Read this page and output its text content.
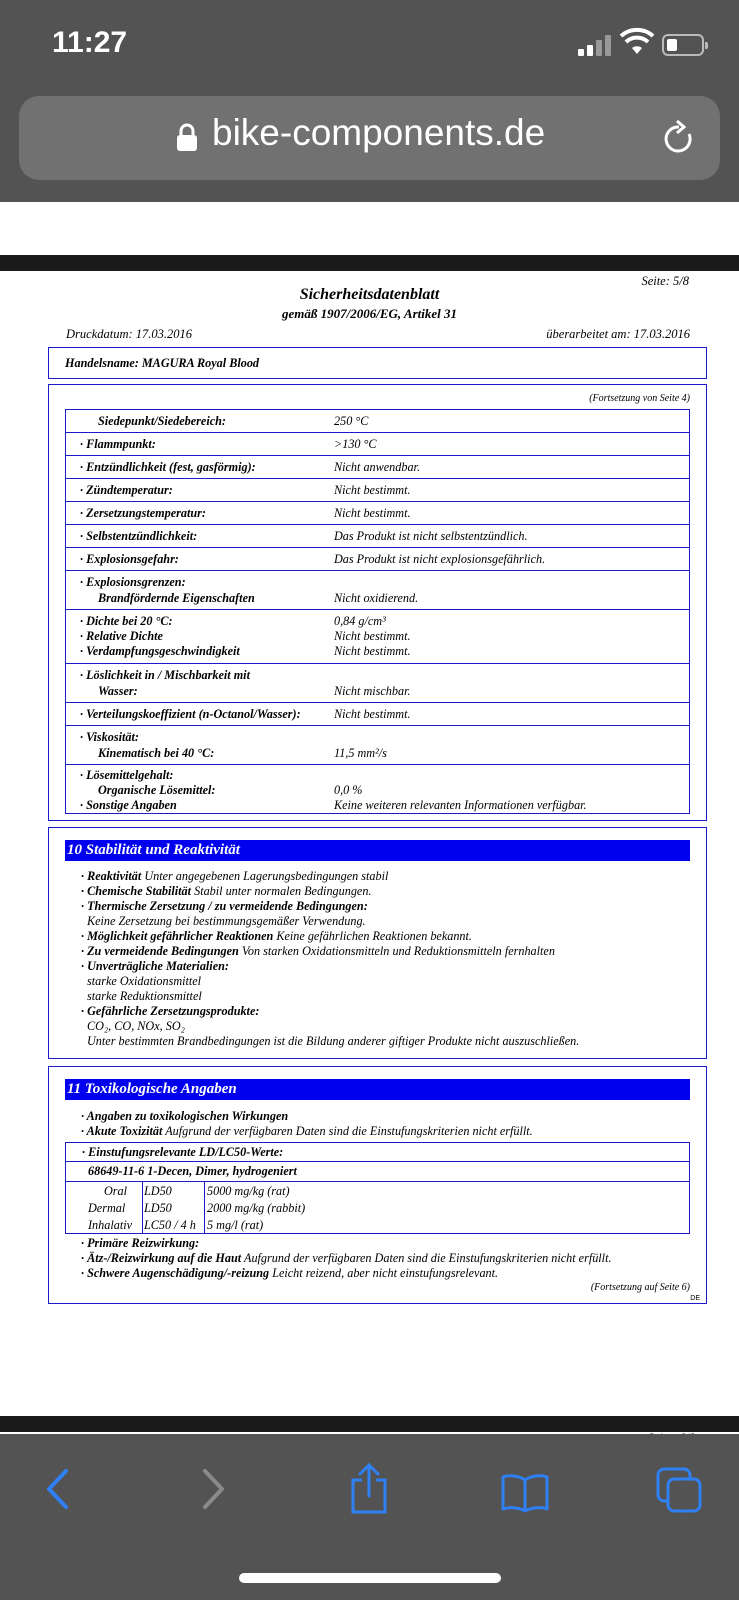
11:27
bike-components.de
Seite: 5/8
Sicherheitsdatenblatt
gemäß 1907/2006/EG, Artikel 31
Druckdatum: 17.03.2016	überarbeitet am: 17.03.2016
Handelsname: MAGURA Royal Blood
(Fortsetzung von Seite 4)
Siedepunkt/Siedebereich:	250 °C
· Flammpunkt:	>130 °C
· Entzündlichkeit (fest, gasförmig):	Nicht anwendbar.
· Zündtemperatur:	Nicht bestimmt.
· Zersetzungstemperatur:	Nicht bestimmt.
· Selbstentzündlichkeit:	Das Produkt ist nicht selbstentzündlich.
· Explosionsgefahr:	Das Produkt ist nicht explosionsgefährlich.
· Explosionsgrenzen:
Brandfördernde Eigenschaften	Nicht oxidierend.
· Dichte bei 20 °C:	0,84 g/cm³
· Relative Dichte	Nicht bestimmt.
· Verdampfungsgeschwindigkeit	Nicht bestimmt.
· Löslichkeit in / Mischbarkeit mit
Wasser:	Nicht mischbar.
· Verteilungskoeffizient (n-Octanol/Wasser):	Nicht bestimmt.
· Viskosität:
Kinematisch bei 40 °C:	11,5 mm²/s
· Lösemittelgehalt:
Organische Lösemittel:	0,0 %
· Sonstige Angaben	Keine weiteren relevanten Informationen verfügbar.
10 Stabilität und Reaktivität
· Reaktivität Unter angegebenen Lagerungsbedingungen stabil
· Chemische Stabilität Stabil unter normalen Bedingungen.
· Thermische Zersetzung / zu vermeidende Bedingungen:
Keine Zersetzung bei bestimmungsgemäßer Verwendung.
· Möglichkeit gefährlicher Reaktionen Keine gefährlichen Reaktionen bekannt.
· Zu vermeidende Bedingungen Von starken Oxidationsmitteln und Reduktionsmitteln fernhalten
· Unverträgliche Materialien:
starke Oxidationsmittel
starke Reduktionsmittel
· Gefährliche Zersetzungsprodukte:
CO₂, CO, NOx, SO₂
Unter bestimmten Brandbedingungen ist die Bildung anderer giftiger Produkte nicht auszuschließen.
11 Toxikologische Angaben
· Angaben zu toxikologischen Wirkungen
· Akute Toxizität Aufgrund der verfügbaren Daten sind die Einstufungskriterien nicht erfüllt.
· Einstufungsrelevante LD/LC50-Werte:
68649-11-6 1-Decen, Dimer, hydrogeniert
Oral LD50	5000 mg/kg (rat)
Dermal LD50	2000 mg/kg (rabbit)
Inhalativ LC50 / 4 h 5 mg/l (rat)
· Primäre Reizwirkung:
· Ätz-/Reizwirkung auf die Haut Aufgrund der verfügbaren Daten sind die Einstufungskriterien nicht erfüllt.
· Schwere Augenschädigung/-reizung Leicht reizend, aber nicht einstufungsrelevant.
(Fortsetzung auf Seite 6)
DE
